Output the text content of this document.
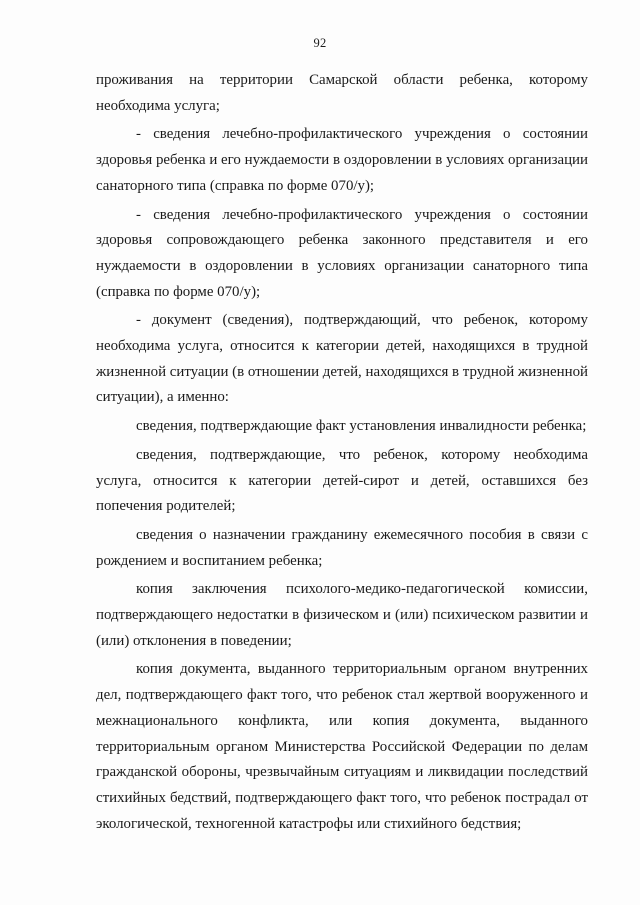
92

проживания на территории Самарской области ребенка, которому необходима услуга;

- сведения лечебно-профилактического учреждения о состоянии здоровья ребенка и его нуждаемости в оздоровлении в условиях организации санаторного типа (справка по форме 070/у);

- сведения лечебно-профилактического учреждения о состоянии здоровья сопровождающего ребенка законного представителя и его нуждаемости в оздоровлении в условиях организации санаторного типа (справка по форме 070/у);

- документ (сведения), подтверждающий, что ребенок, которому необходима услуга, относится к категории детей, находящихся в трудной жизненной ситуации (в отношении детей, находящихся в трудной жизненной ситуации), а именно:

сведения, подтверждающие факт установления инвалидности ребенка;

сведения, подтверждающие, что ребенок, которому необходима услуга, относится к категории детей-сирот и детей, оставшихся без попечения родителей;

сведения о назначении гражданину ежемесячного пособия в связи с рождением и воспитанием ребенка;

копия заключения психолого-медико-педагогической комиссии, подтверждающего недостатки в физическом и (или) психическом развитии и (или) отклонения в поведении;

копия документа, выданного территориальным органом внутренних дел, подтверждающего факт того, что ребенок стал жертвой вооруженного и межнационального конфликта, или копия документа, выданного территориальным органом Министерства Российской Федерации по делам гражданской обороны, чрезвычайным ситуациям и ликвидации последствий стихийных бедствий, подтверждающего факт того, что ребенок пострадал от экологической, техногенной катастрофы или стихийного бедствия;
